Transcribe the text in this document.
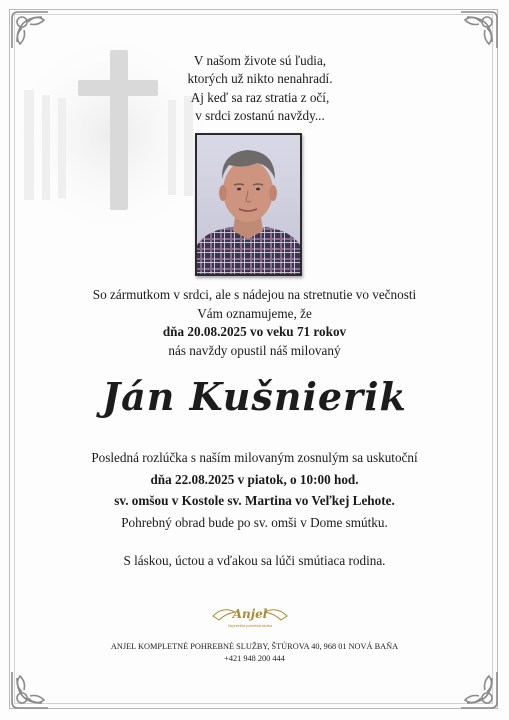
V našom živote sú ľudia,
ktorých už nikto nenahradí.
Aj keď sa raz stratia z očí,
v srdci zostanú navždy...
So zármutkom v srdci, ale s nádejou na stretnutie vo večnosti
Vám oznamujeme, že
dňa 20.08.2025 vo veku 71 rokov
nás navždy opustil náš milovaný
Ján Kušnierik
Posledná rozlúčka s naším milovaným zosnulým sa uskutoční
dňa 22.08.2025 v piatok, o 10:00 hod.
sv. omšou v Kostole sv. Martina vo Veľkej Lehote.
Pohrebný obrad bude po sv. omši v Dome smútku.
S láskou, úctou a vďakou sa lúči smútiaca rodina.
Anjel
Nepretržitá pohrebná služba
ANJEL KOMPLETNÉ POHREBNÉ SLUŽBY, ŠTÚROVA 40, 968 01 NOVÁ BAŇA
+421 948 200 444
